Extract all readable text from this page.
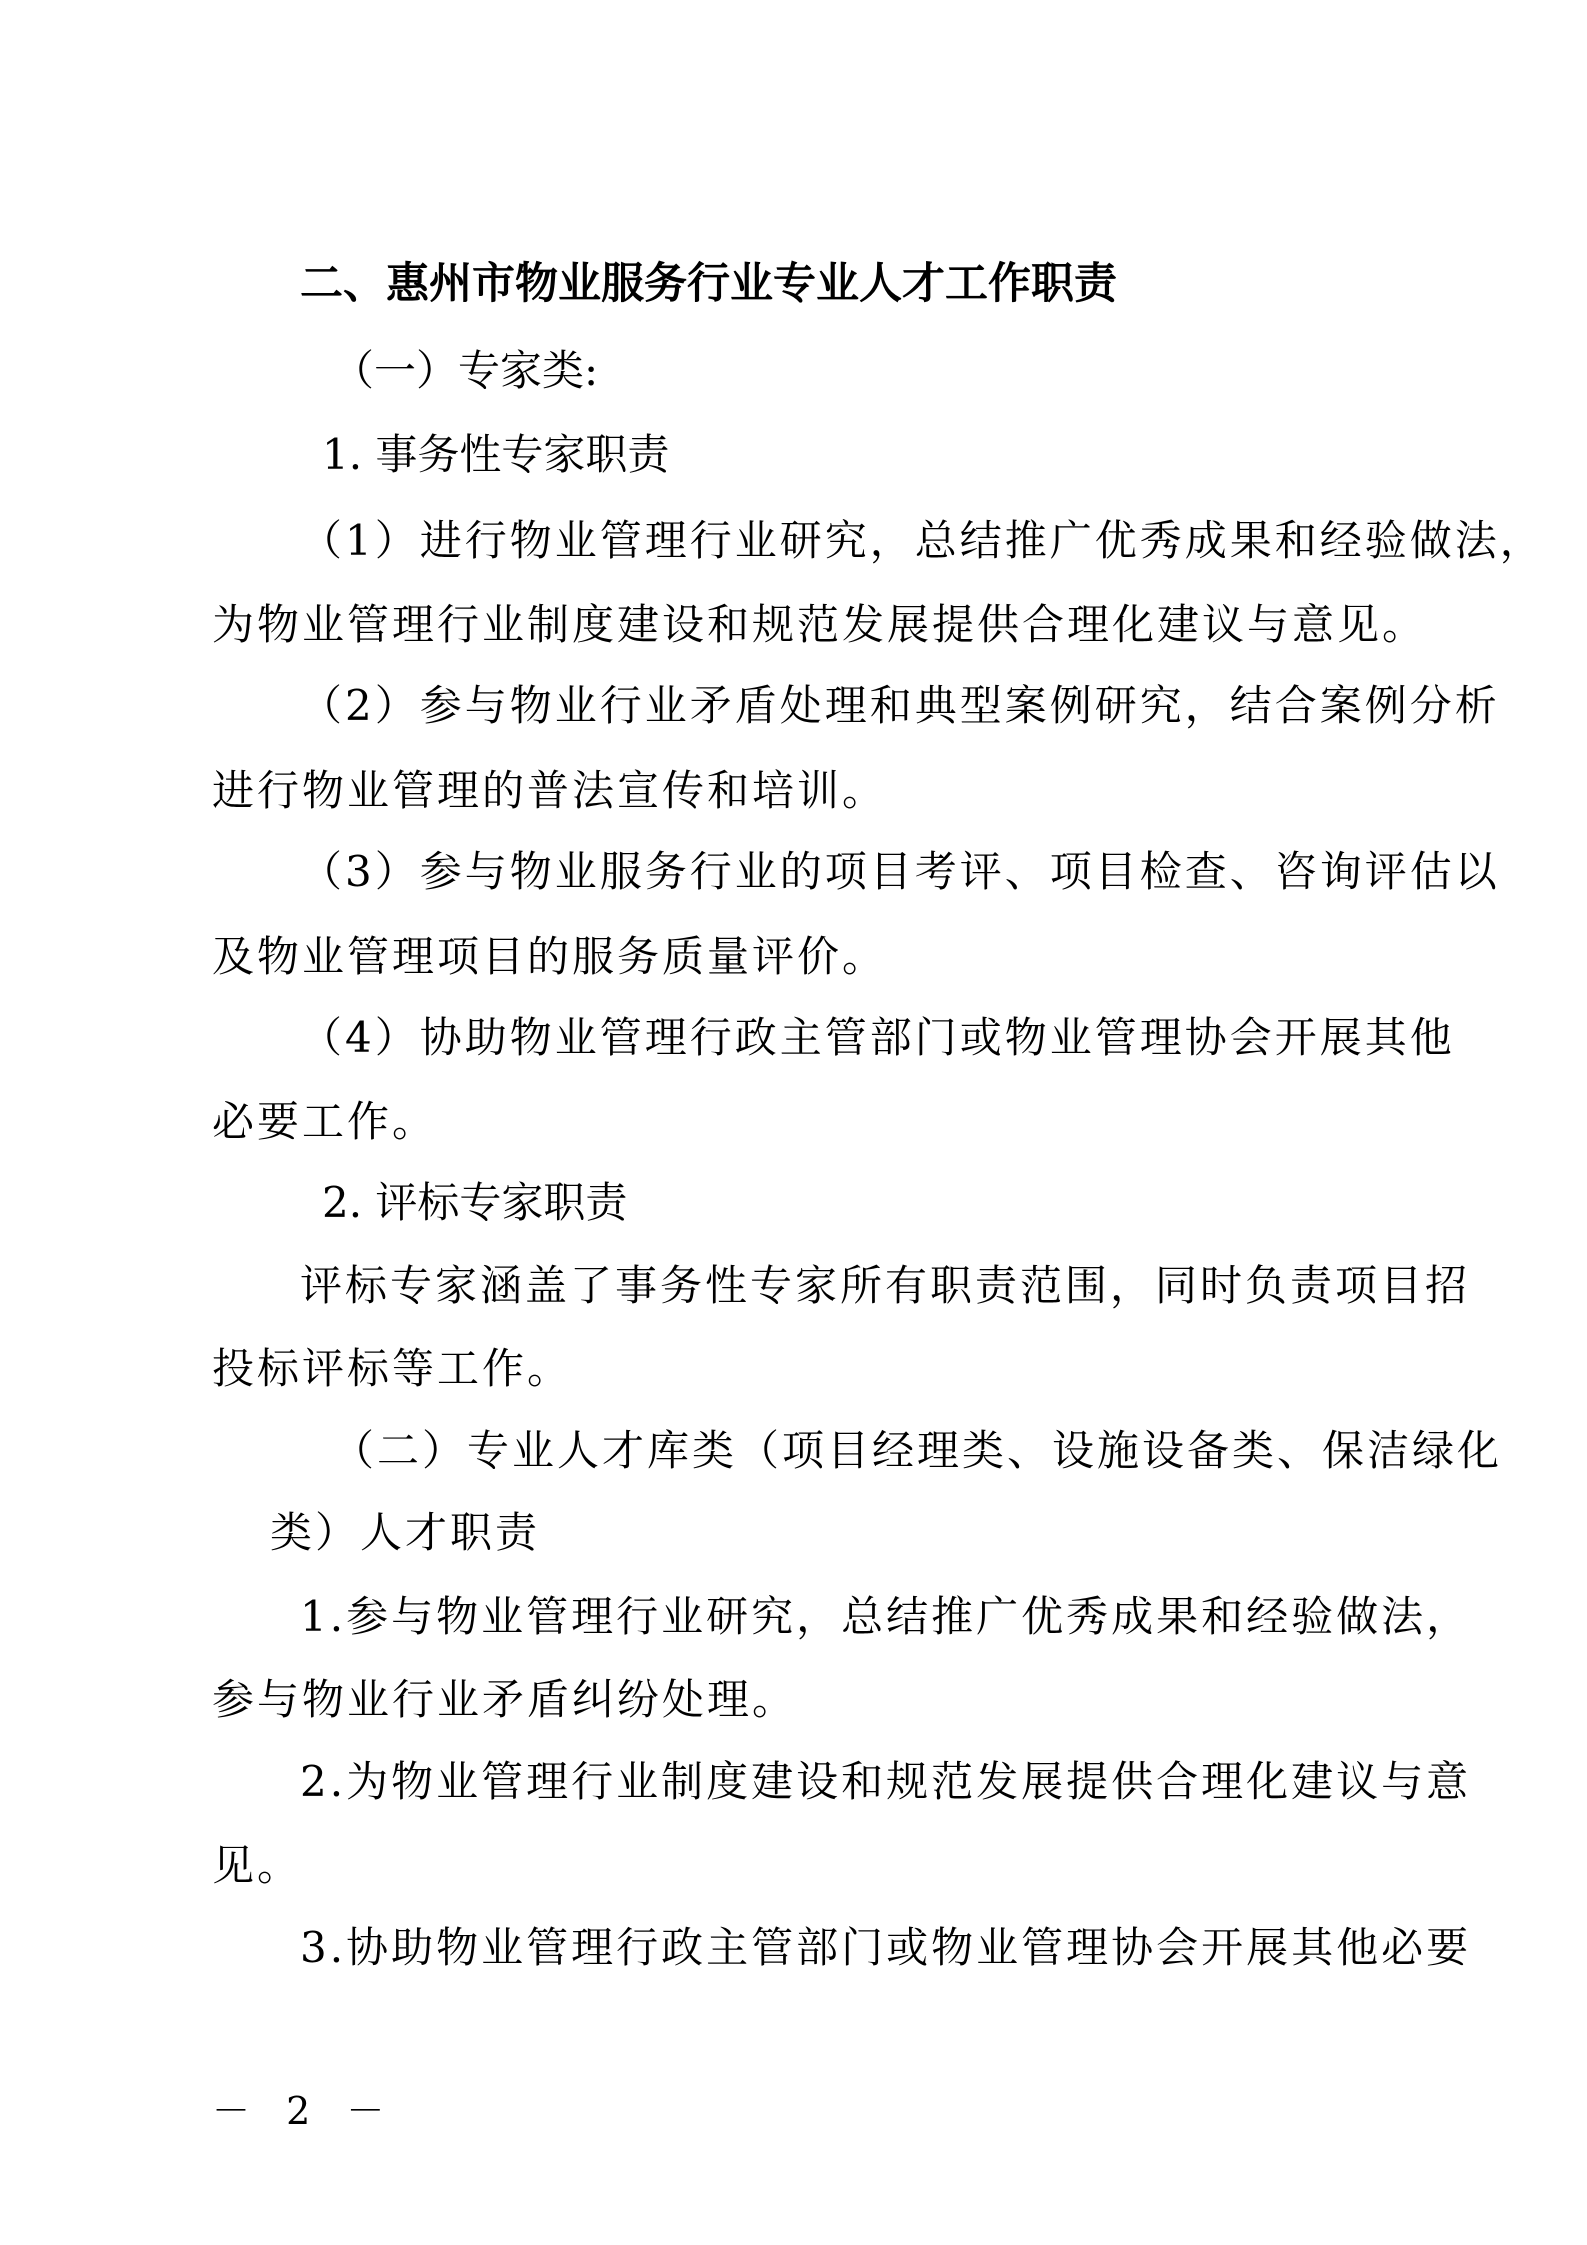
二、惠州市物业服务行业专业人才工作职责
（一）专家类:
1. 事务性专家职责
（1）进行物业管理行业研究，总结推广优秀成果和经验做法，
为物业管理行业制度建设和规范发展提供合理化建议与意见。
（2）参与物业行业矛盾处理和典型案例研究，结合案例分析
进行物业管理的普法宣传和培训。
（3）参与物业服务行业的项目考评、项目检查、咨询评估以
及物业管理项目的服务质量评价。
（4）协助物业管理行政主管部门或物业管理协会开展其他
必要工作。
2. 评标专家职责
评标专家涵盖了事务性专家所有职责范围，同时负责项目招
投标评标等工作。
（二）专业人才库类（项目经理类、设施设备类、保洁绿化
类）人才职责
1.参与物业管理行业研究，总结推广优秀成果和经验做法，
参与物业行业矛盾纠纷处理。
2.为物业管理行业制度建设和规范发展提供合理化建议与意
见。
3.协助物业管理行政主管部门或物业管理协会开展其他必要
－ 2 －
